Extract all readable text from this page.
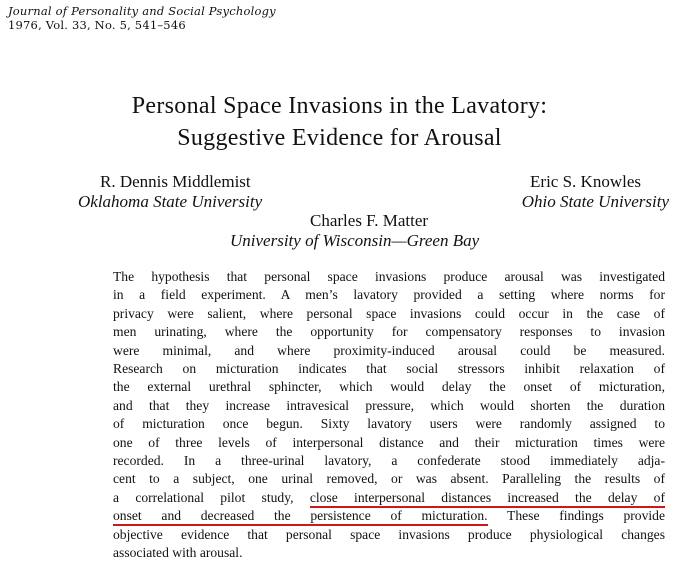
Journal of Personality and Social Psychology
1976, Vol. 33, No. 5, 541–546
Personal Space Invasions in the Lavatory:
Suggestive Evidence for Arousal
R. Dennis Middlemist
Oklahoma State University
Eric S. Knowles
Ohio State University
Charles F. Matter
University of Wisconsin—Green Bay
The hypothesis that personal space invasions produce arousal was investigated
in a field experiment. A men’s lavatory provided a setting where norms for
privacy were salient, where personal space invasions could occur in the case of
men urinating, where the opportunity for compensatory responses to invasion
were minimal, and where proximity-induced arousal could be measured.
Research on micturation indicates that social stressors inhibit relaxation of
the external urethral sphincter, which would delay the onset of micturation,
and that they increase intravesical pressure, which would shorten the duration
of micturation once begun. Sixty lavatory users were randomly assigned to
one of three levels of interpersonal distance and their micturation times were
recorded. In a three-urinal lavatory, a confederate stood immediately adja-
cent to a subject, one urinal removed, or was absent. Paralleling the results of
a correlational pilot study, close interpersonal distances increased the delay of
onset and decreased the persistence of micturation. These findings provide
objective evidence that personal space invasions produce physiological changes
associated with arousal.
